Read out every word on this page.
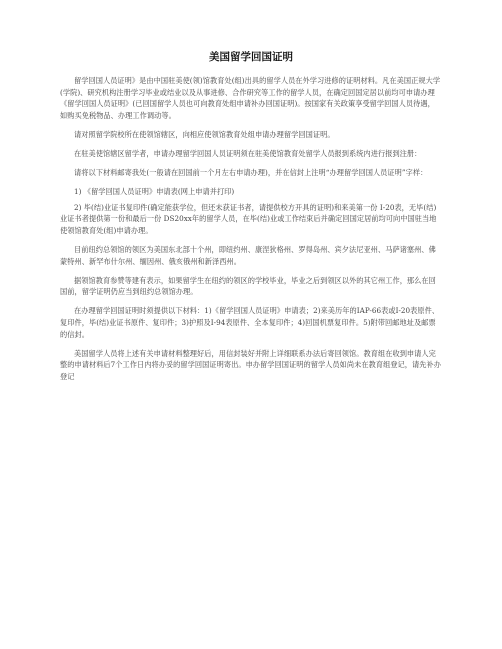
美国留学回国证明

留学回国人员证明》是由中国驻美使(领)馆教育处(组)出具的留学人员在外学习进修的证明材料。凡在美国正规大学(学院)、研究机构注册学习毕业或结业以及从事进修、合作研究等工作的留学人员，在确定回国定居以前均可申请办理《留学回国人员证明》(已回国留学人员也可向教育处组申请补办回国证明)。按国家有关政策享受留学回国人员待遇，如购买免税物品、办理工作调动等。

请对照留学院校所在使领馆辖区，向相应使领馆教育处组申请办理留学回国证明。

在驻美使馆辖区留学者，申请办理留学回国人员证明须在驻美使馆教育处留学人员报到系统内进行报到注册：

请将以下材料邮寄我处(一般请在回国前一个月左右申请办理)，并在信封上注明“办理留学回国人员证明”字样：

1) 《留学回国人员证明》申请表(网上申请并打印)

2) 毕(结)业证书复印件(确定能获学位，但还未获证书者，请提供校方开具的证明)和来美第一份 I-20表，无毕(结)业证书者提供第一份和最后一份 DS20xx年的留学人员，在毕(结)业或工作结束后并确定回国定居前均可向中国驻当地使领馆教育处(组)申请办理。

目前纽约总领馆的领区为美国东北部十个州，即纽约州、康涅狄格州、罗得岛州、宾夕法尼亚州、马萨诸塞州、佛蒙特州、新罕布什尔州、缅因州、俄亥俄州和新泽西州。

据领馆教育参赞等建有表示，如果留学生在纽约的领区的学校毕业，毕业之后到领区以外的其它州工作，那么在回国前，留学证明仍应当到纽约总领馆办理。

在办理留学回国证明时须提供以下材料：1)《留学回国人员证明》申请表；2)来美历年的IAP-66表或I-20表原件、复印件，毕(结)业证书原件、复印件；3)护照及I-94表原件、全本复印件；4)回国机票复印件。5)附带回邮地址及邮票的信封。

美国留学人员将上述有关申请材料整理好后，用信封装好并附上详细联系办法后寄回领馆。教育组在收到申请人完整的申请材料后7个工作日内将办妥的留学回国证明寄出。申办留学回国证明的留学人员如尚未在教育组登记，请先补办登记
